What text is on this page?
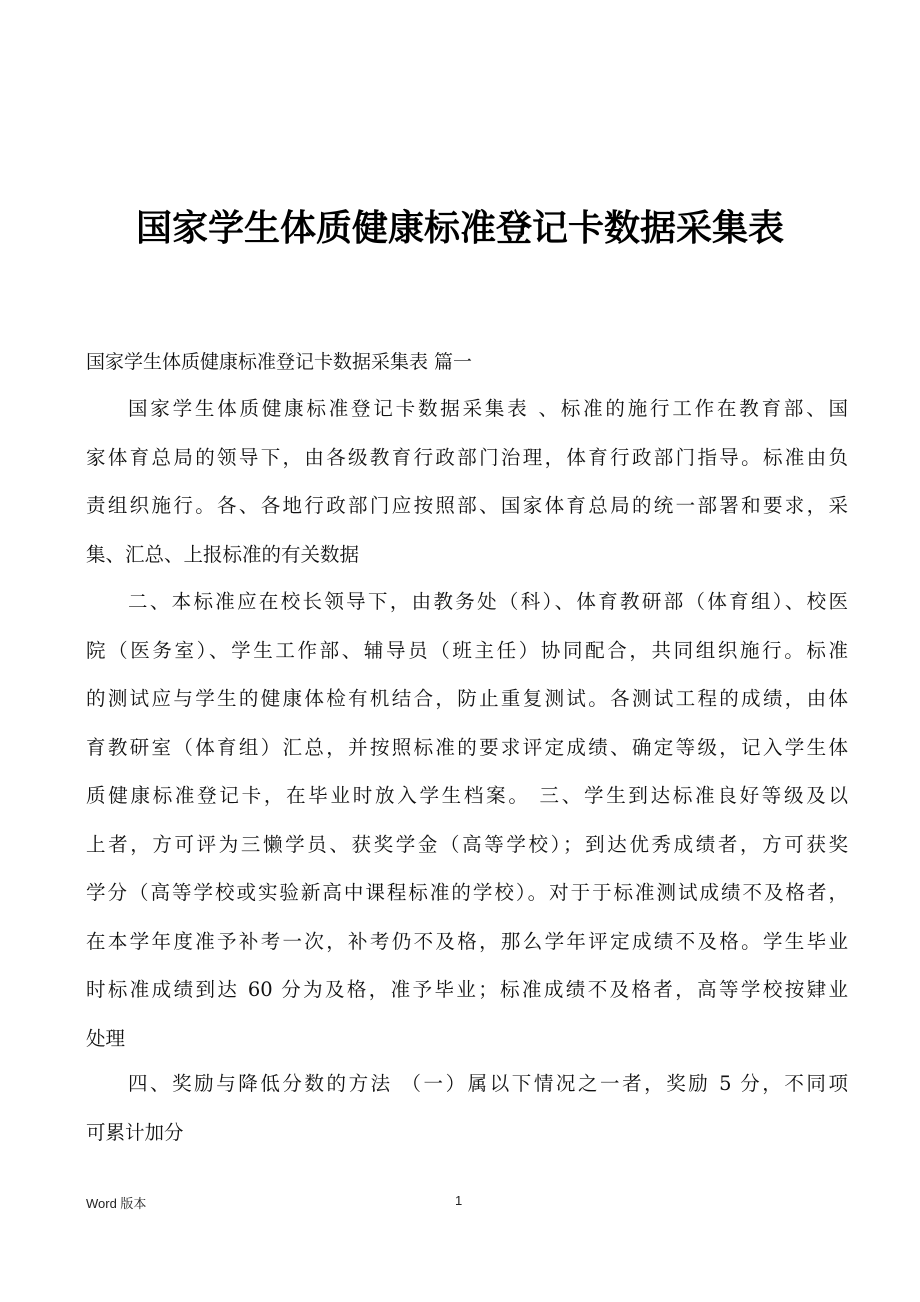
国家学生体质健康标准登记卡数据采集表
国家学生体质健康标准登记卡数据采集表 篇一
国家学生体质健康标准登记卡数据采集表 、标准的施行工作在教育部、国
家体育总局的领导下，由各级教育行政部门治理，体育行政部门指导。标准由负
责组织施行。各、各地行政部门应按照部、国家体育总局的统一部署和要求，采
集、汇总、上报标准的有关数据
二、本标准应在校长领导下，由教务处（科）、体育教研部（体育组）、校医
院（医务室）、学生工作部、辅导员（班主任）协同配合，共同组织施行。标准
的测试应与学生的健康体检有机结合，防止重复测试。各测试工程的成绩，由体
育教研室（体育组）汇总，并按照标准的要求评定成绩、确定等级，记入学生体
质健康标准登记卡，在毕业时放入学生档案。 三、学生到达标准良好等级及以
上者，方可评为三懒学员、获奖学金（高等学校）；到达优秀成绩者，方可获奖
学分（高等学校或实验新高中课程标准的学校）。对于于标准测试成绩不及格者，
在本学年度准予补考一次，补考仍不及格，那么学年评定成绩不及格。学生毕业
时标准成绩到达 60 分为及格，准予毕业；标准成绩不及格者，高等学校按肄业
处理
四、奖励与降低分数的方法 （一）属以下情况之一者，奖励 5 分，不同项
可累计加分
Word 版本	1
